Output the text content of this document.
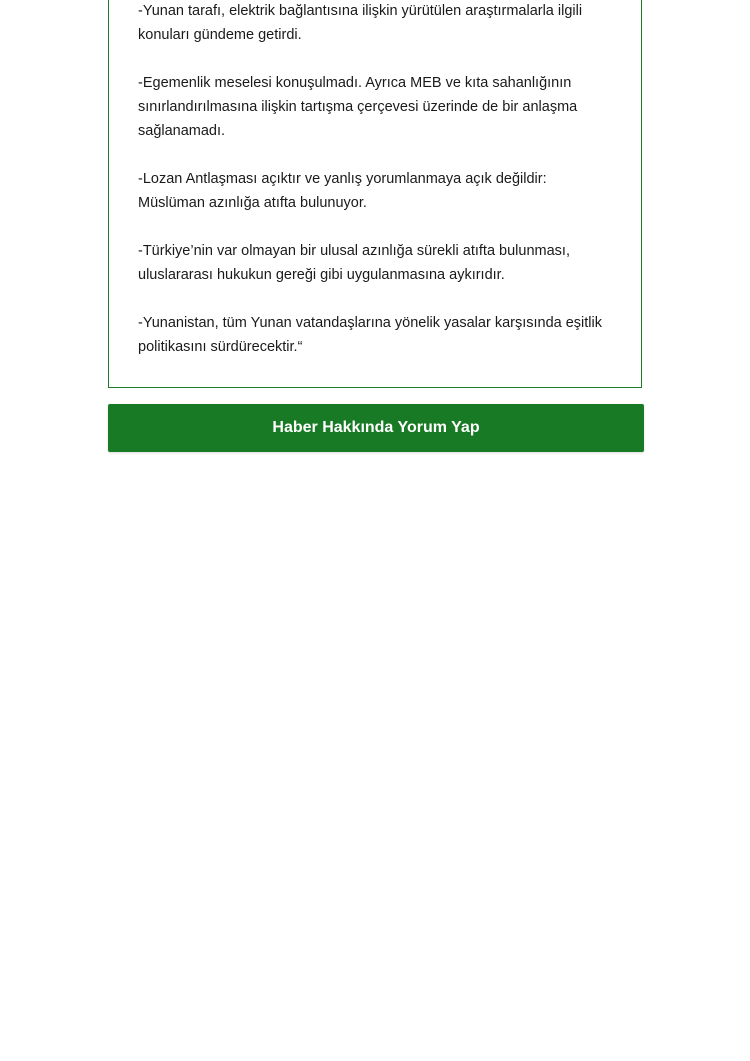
-Yunan tarafı, elektrik bağlantısına ilişkin yürütülen araştırmalarla ilgili konuları gündeme getirdi.

-Egemenlik meselesi konuşulmadı. Ayrıca MEB ve kıta sahanlığının sınırlandırılmasına ilişkin tartışma çerçevesi üzerinde de bir anlaşma sağlanamadı.

-Lozan Antlaşması açıktır ve yanlış yorumlanmaya açık değildir: Müslüman azınlığa atıfta bulunuyor.

-Türkiye’nin var olmayan bir ulusal azınlığa sürekli atıfta bulunması, uluslararası hukukun gereği gibi uygulanmasına aykırıdır.

-Yunanistan, tüm Yunan vatandaşlarına yönelik yasalar karşısında eşitlik politikasını sürdürecektir.“

Haber Hakkında Yorum Yap
